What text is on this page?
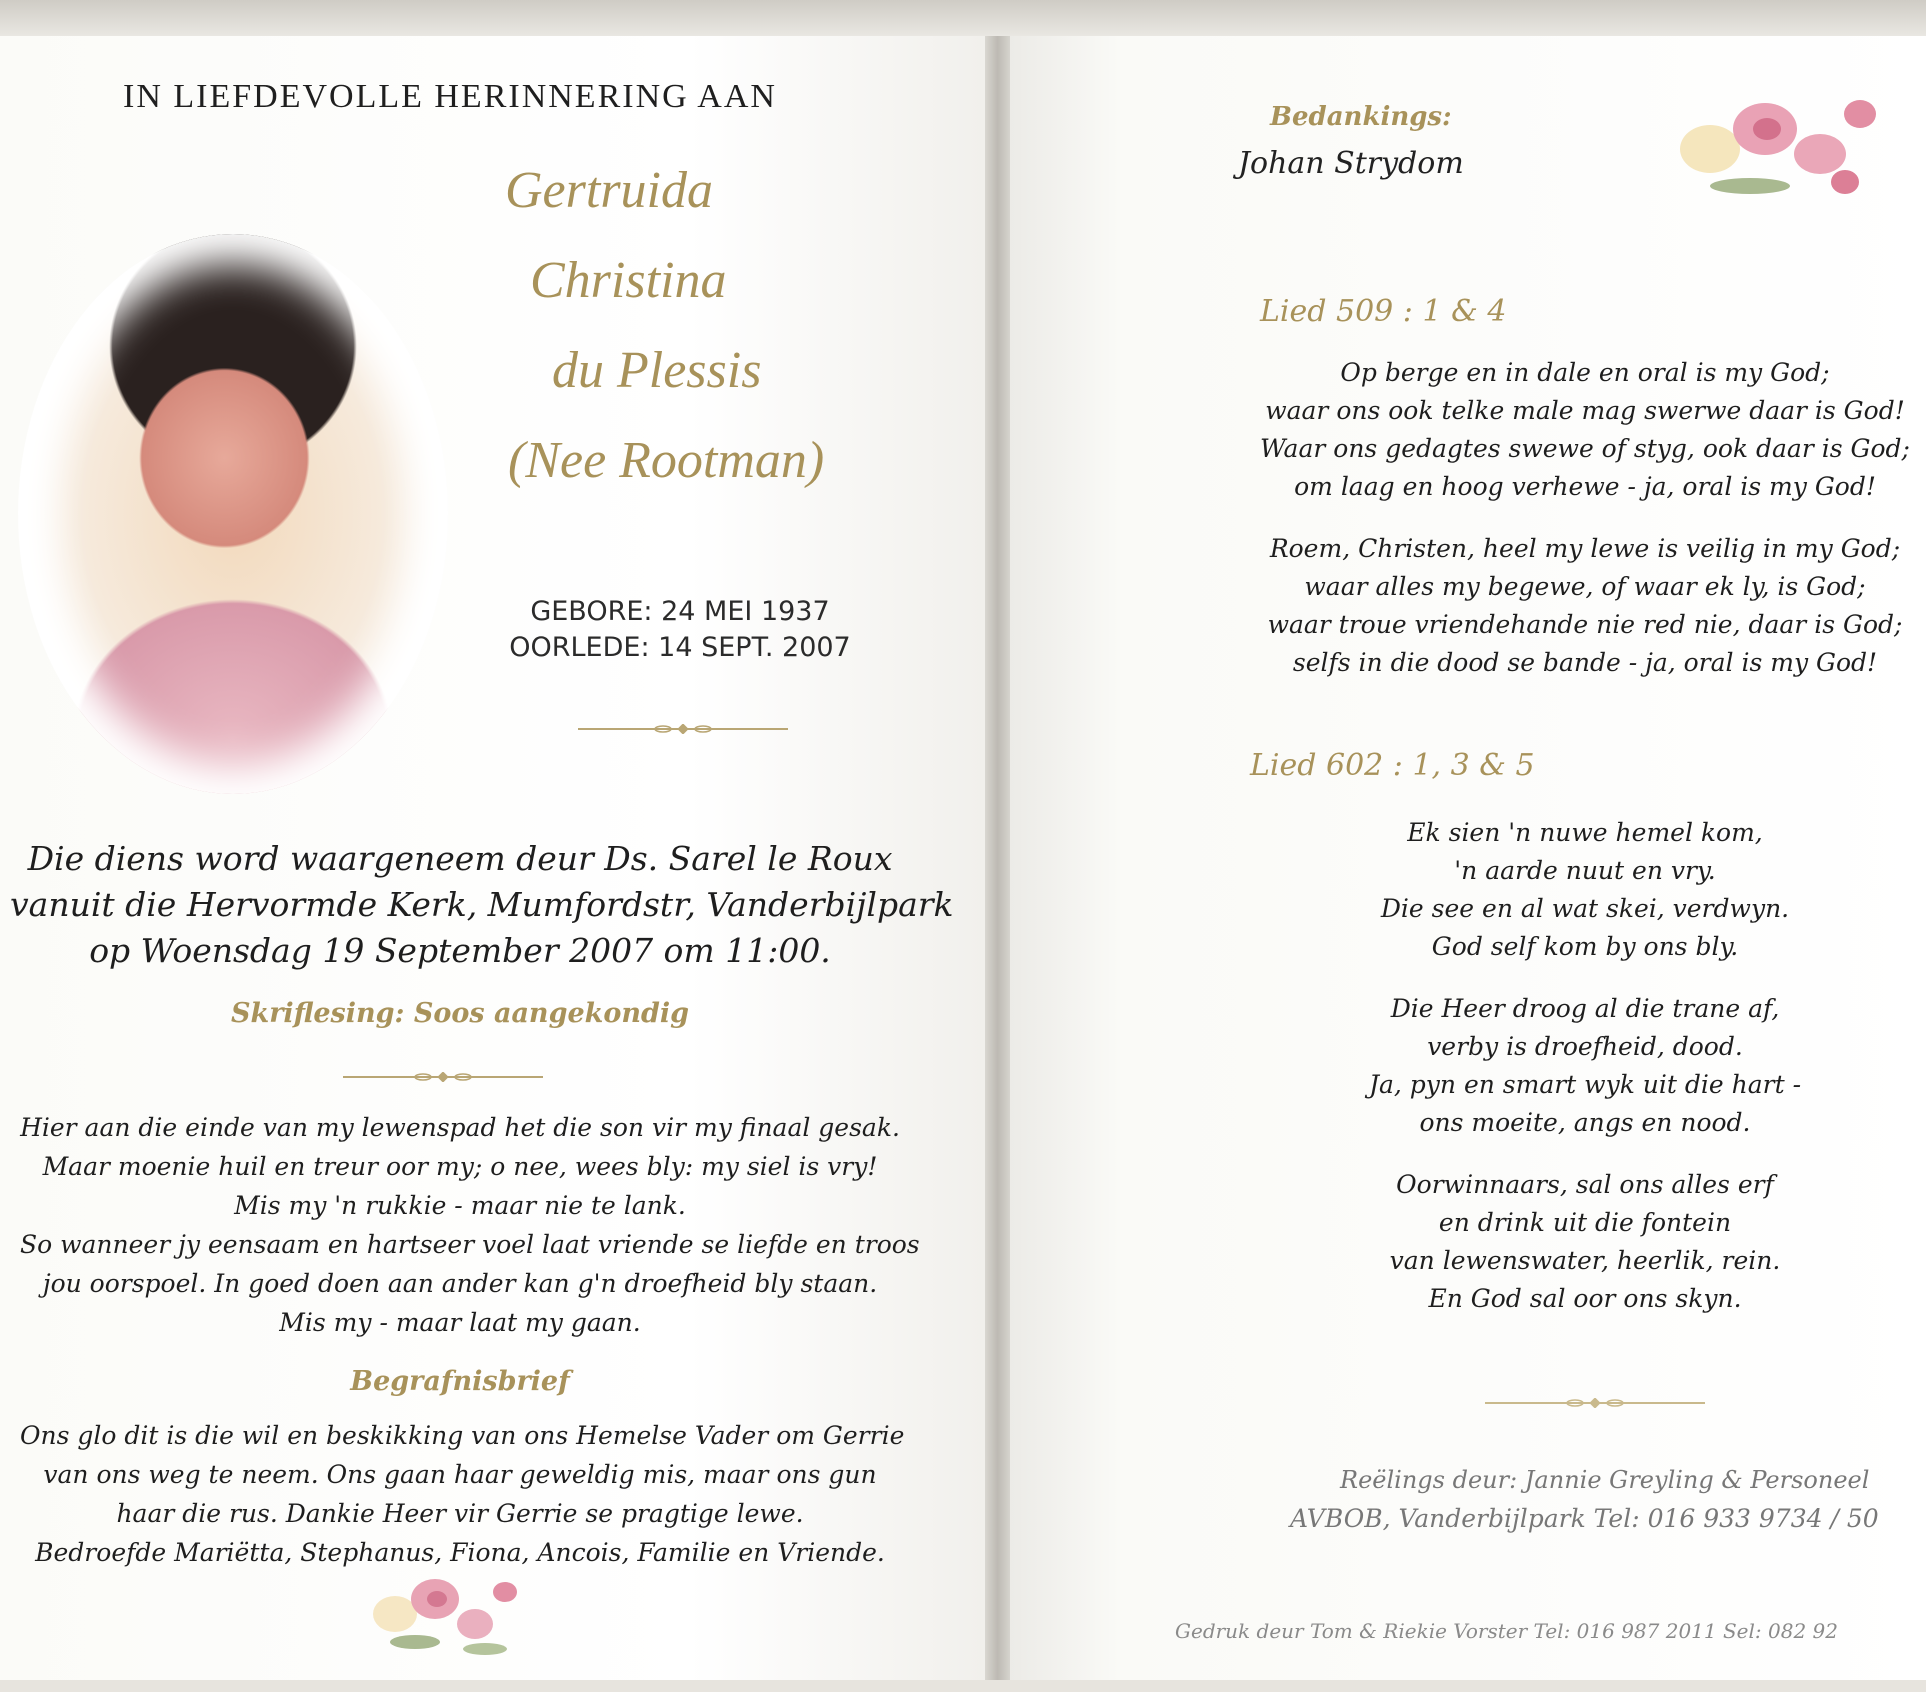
IN LIEFDEVOLLE HERINNERING AAN
Gertruida
Christina
du Plessis
(Nee Rootman)
GEBORE: 24 MEI 1937
OORLEDE: 14 SEPT. 2007
Die diens word waargeneem deur Ds. Sarel le Roux
vanuit die Hervormde Kerk, Mumfordstr, Vanderbijlpark
op Woensdag 19 September 2007 om 11:00.
Skriflesing: Soos aangekondig
Hier aan die einde van my lewenspad het die son vir my finaal gesak.
Maar moenie huil en treur oor my; o nee, wees bly: my siel is vry!
Mis my 'n rukkie - maar nie te lank.
So wanneer jy eensaam en hartseer voel laat vriende se liefde en troos
jou oorspoel. In goed doen aan ander kan g'n droefheid bly staan.
Mis my - maar laat my gaan.
Begrafnisbrief
Ons glo dit is die wil en beskikking van ons Hemelse Vader om Gerrie
van ons weg te neem. Ons gaan haar geweldig mis, maar ons gun
haar die rus. Dankie Heer vir Gerrie se pragtige lewe.
Bedroefde Mariëtta, Stephanus, Fiona, Ancois, Familie en Vriende.
Bedankings:
Johan Strydom
Lied 509 : 1 & 4
Op berge en in dale en oral is my God;
waar ons ook telke male mag swerwe daar is God!
Waar ons gedagtes swewe of styg, ook daar is God;
om laag en hoog verhewe - ja, oral is my God!
Roem, Christen, heel my lewe is veilig in my God;
waar alles my begewe, of waar ek ly, is God;
waar troue vriendehande nie red nie, daar is God;
selfs in die dood se bande - ja, oral is my God!
Lied 602 : 1, 3 & 5
Ek sien 'n nuwe hemel kom,
'n aarde nuut en vry.
Die see en al wat skei, verdwyn.
God self kom by ons bly.
Die Heer droog al die trane af,
verby is droefheid, dood.
Ja, pyn en smart wyk uit die hart -
ons moeite, angs en nood.
Oorwinnaars, sal ons alles erf
en drink uit die fontein
van lewenswater, heerlik, rein.
En God sal oor ons skyn.
Reëlings deur: Jannie Greyling & Personeel
AVBOB, Vanderbijlpark Tel: 016 933 9734 / 50
Gedruk deur Tom & Riekie Vorster Tel: 016 987 2011 Sel: 082 92
